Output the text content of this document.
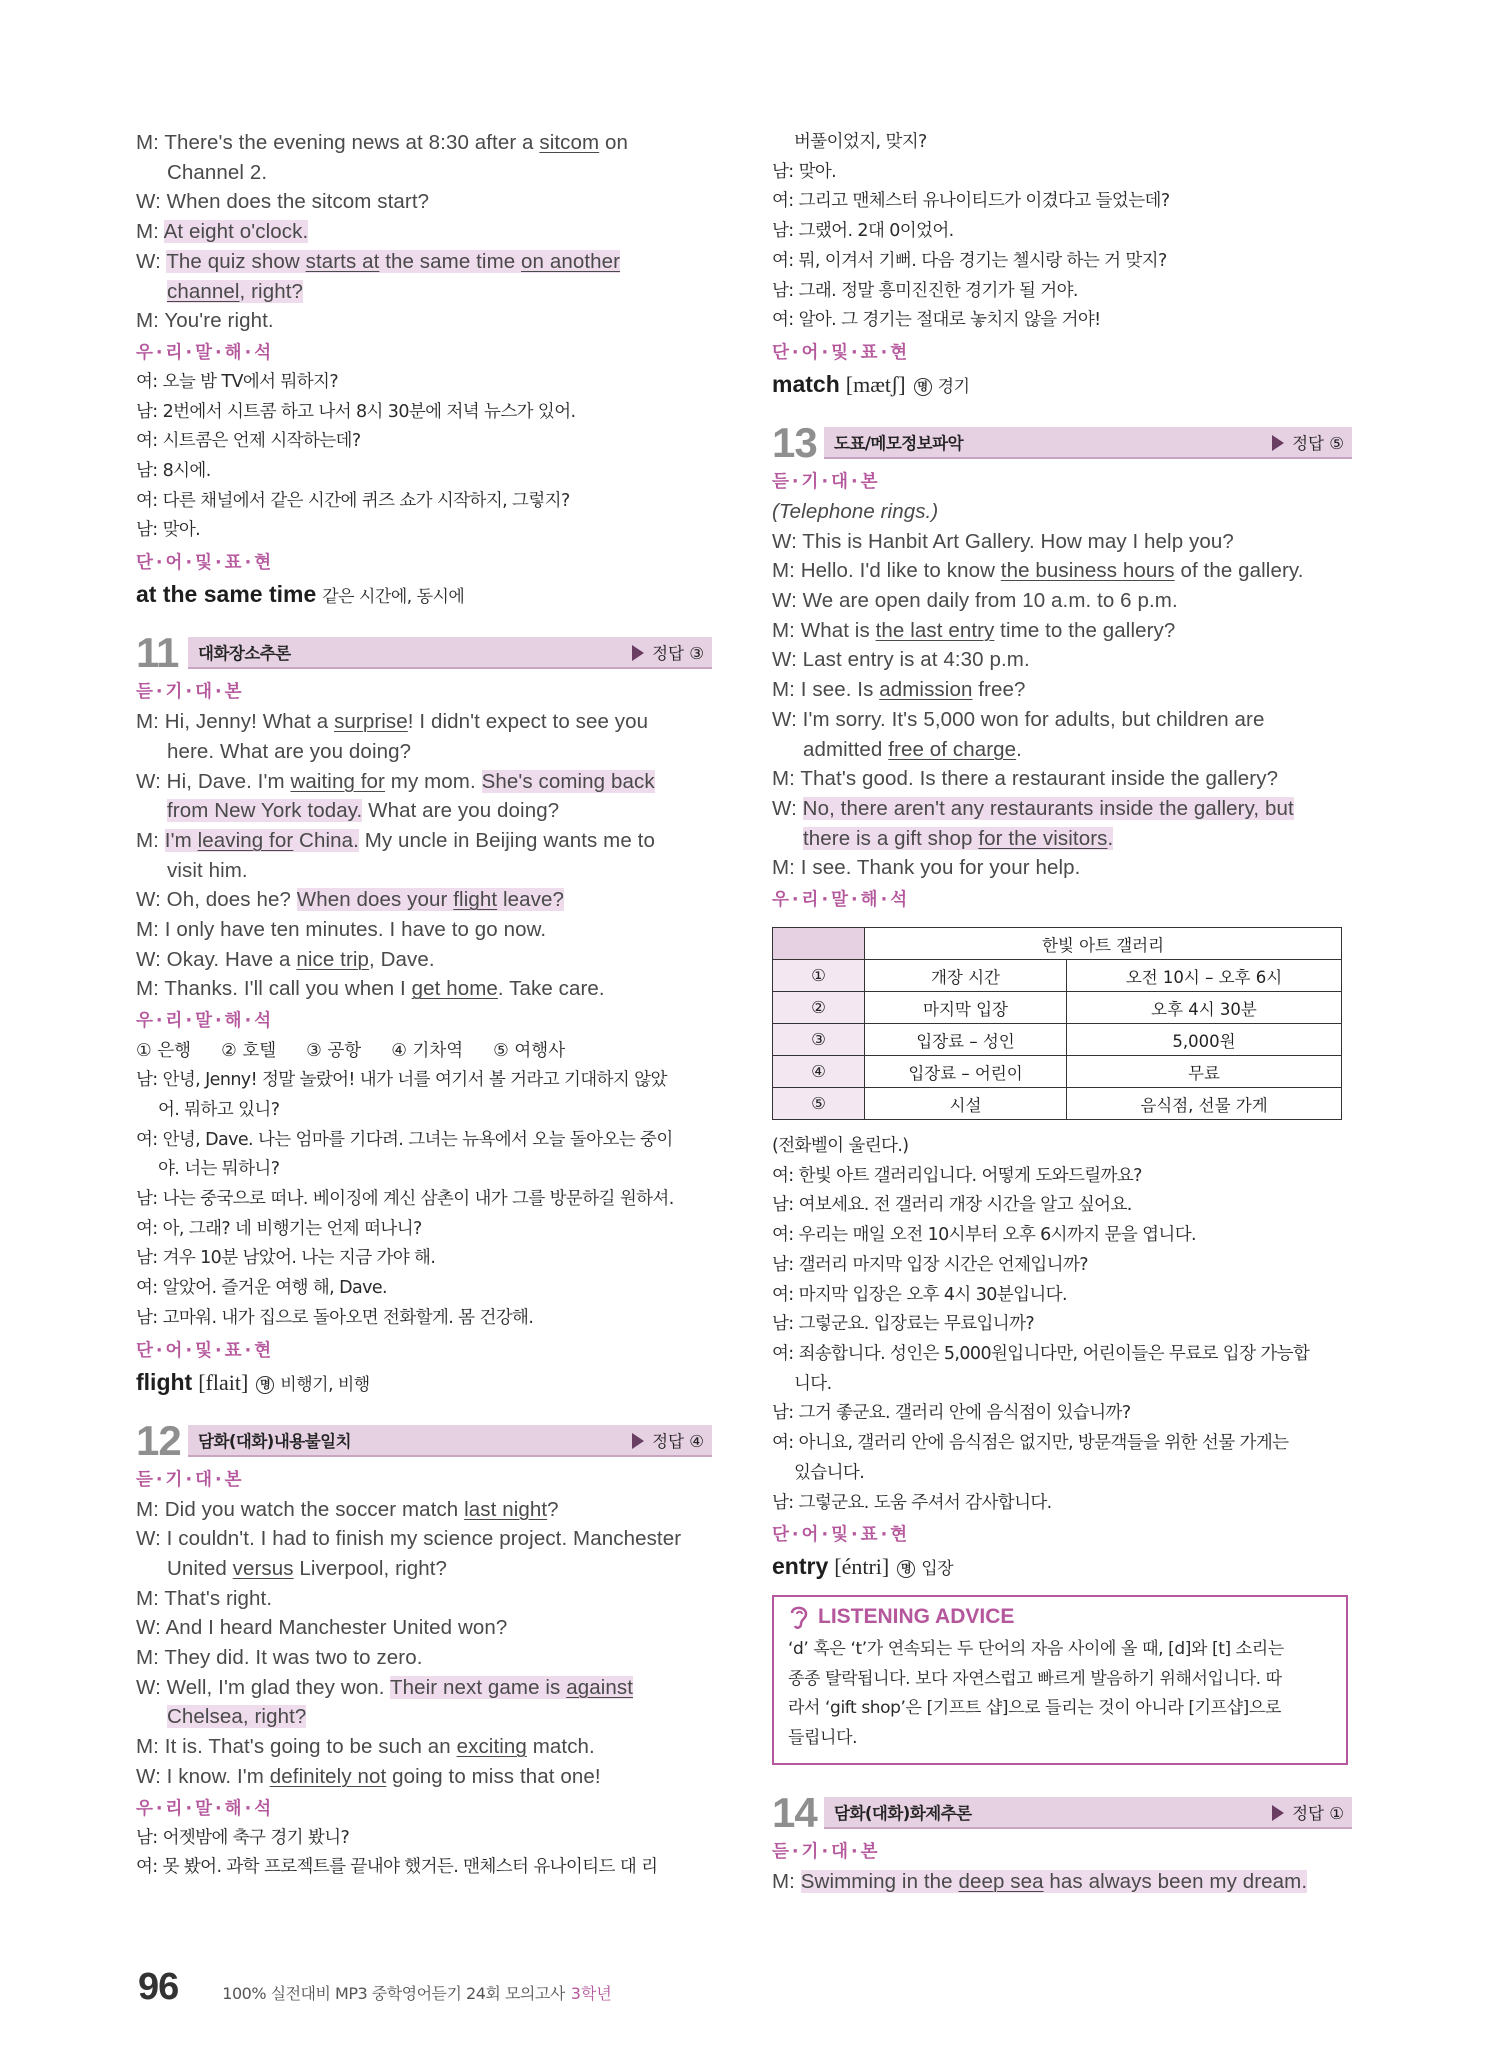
M: There's the evening news at 8:30 after a sitcom on
Channel 2.
W: When does the sitcom start?
M: At eight o'clock.
W: The quiz show starts at the same time on another
channel, right?
M: You're right.
우·리·말·해·석
여: 오늘 밤 TV에서 뭐하지?
남: 2번에서 시트콤 하고 나서 8시 30분에 저녁 뉴스가 있어.
여: 시트콤은 언제 시작하는데?
남: 8시에.
여: 다른 채널에서 같은 시간에 퀴즈 쇼가 시작하지, 그렇지?
남: 맞아.
단·어·및·표·현
at the same time 같은 시간에, 동시에
11	대화장소추론	정답 ③
듣·기·대·본
M: Hi, Jenny! What a surprise! I didn't expect to see you
here. What are you doing?
W: Hi, Dave. I'm waiting for my mom. She's coming back
from New York today. What are you doing?
M: I'm leaving for China. My uncle in Beijing wants me to
visit him.
W: Oh, does he? When does your flight leave?
M: I only have ten minutes. I have to go now.
W: Okay. Have a nice trip, Dave.
M: Thanks. I'll call you when I get home. Take care.
우·리·말·해·석
① 은행 ② 호텔 ③ 공항 ④ 기차역 ⑤ 여행사
남: 안녕, Jenny! 정말 놀랐어! 내가 너를 여기서 볼 거라고 기대하지 않았
어. 뭐하고 있니?
여: 안녕, Dave. 나는 엄마를 기다려. 그녀는 뉴욕에서 오늘 돌아오는 중이
야. 너는 뭐하니?
남: 나는 중국으로 떠나. 베이징에 계신 삼촌이 내가 그를 방문하길 원하셔.
여: 아, 그래? 네 비행기는 언제 떠나니?
남: 겨우 10분 남았어. 나는 지금 가야 해.
여: 알았어. 즐거운 여행 해, Dave.
남: 고마워. 내가 집으로 돌아오면 전화할게. 몸 건강해.
단·어·및·표·현
flight [flait] 명 비행기, 비행
12	담화(대화)내용불일치	정답 ④
듣·기·대·본
M: Did you watch the soccer match last night?
W: I couldn't. I had to finish my science project. Manchester
United versus Liverpool, right?
M: That's right.
W: And I heard Manchester United won?
M: They did. It was two to zero.
W: Well, I'm glad they won. Their next game is against
Chelsea, right?
M: It is. That's going to be such an exciting match.
W: I know. I'm definitely not going to miss that one!
우·리·말·해·석
남: 어젯밤에 축구 경기 봤니?
여: 못 봤어. 과학 프로젝트를 끝내야 했거든. 맨체스터 유나이티드 대 리
버풀이었지, 맞지?
남: 맞아.
여: 그리고 맨체스터 유나이티드가 이겼다고 들었는데?
남: 그랬어. 2대 0이었어.
여: 뭐, 이겨서 기뻐. 다음 경기는 첼시랑 하는 거 맞지?
남: 그래. 정말 흥미진진한 경기가 될 거야.
여: 알아. 그 경기는 절대로 놓치지 않을 거야!
단·어·및·표·현
match [mætʃ] 명 경기
13	도표/메모정보파악	정답 ⑤
듣·기·대·본
(Telephone rings.)
W: This is Hanbit Art Gallery. How may I help you?
M: Hello. I'd like to know the business hours of the gallery.
W: We are open daily from 10 a.m. to 6 p.m.
M: What is the last entry time to the gallery?
W: Last entry is at 4:30 p.m.
M: I see. Is admission free?
W: I'm sorry. It's 5,000 won for adults, but children are
admitted free of charge.
M: That's good. Is there a restaurant inside the gallery?
W: No, there aren't any restaurants inside the gallery, but
there is a gift shop for the visitors.
M: I see. Thank you for your help.
우·리·말·해·석
	한빛 아트 갤러리	
①	개장 시간	오전 10시 – 오후 6시
②	마지막 입장	오후 4시 30분
③	입장료 – 성인	5,000원
④	입장료 – 어린이	무료
⑤	시설	음식점, 선물 가게
(전화벨이 울린다.)
여: 한빛 아트 갤러리입니다. 어떻게 도와드릴까요?
남: 여보세요. 전 갤러리 개장 시간을 알고 싶어요.
여: 우리는 매일 오전 10시부터 오후 6시까지 문을 엽니다.
남: 갤러리 마지막 입장 시간은 언제입니까?
여: 마지막 입장은 오후 4시 30분입니다.
남: 그렇군요. 입장료는 무료입니까?
여: 죄송합니다. 성인은 5,000원입니다만, 어린이들은 무료로 입장 가능합
니다.
남: 그거 좋군요. 갤러리 안에 음식점이 있습니까?
여: 아니요, 갤러리 안에 음식점은 없지만, 방문객들을 위한 선물 가게는
있습니다.
남: 그렇군요. 도움 주셔서 감사합니다.
단·어·및·표·현
entry [éntri] 명 입장
LISTENING ADVICE
‘d’ 혹은 ‘t’가 연속되는 두 단어의 자음 사이에 올 때, [d]와 [t] 소리는
종종 탈락됩니다. 보다 자연스럽고 빠르게 발음하기 위해서입니다. 따
라서 ‘gift shop’은 [기프트 샵]으로 들리는 것이 아니라 [기프샵]으로
들립니다.
14	담화(대화)화제추론	정답 ①
듣·기·대·본
M: Swimming in the deep sea has always been my dream.
96	100% 실전대비 MP3 중학영어듣기 24회 모의고사 3학년
